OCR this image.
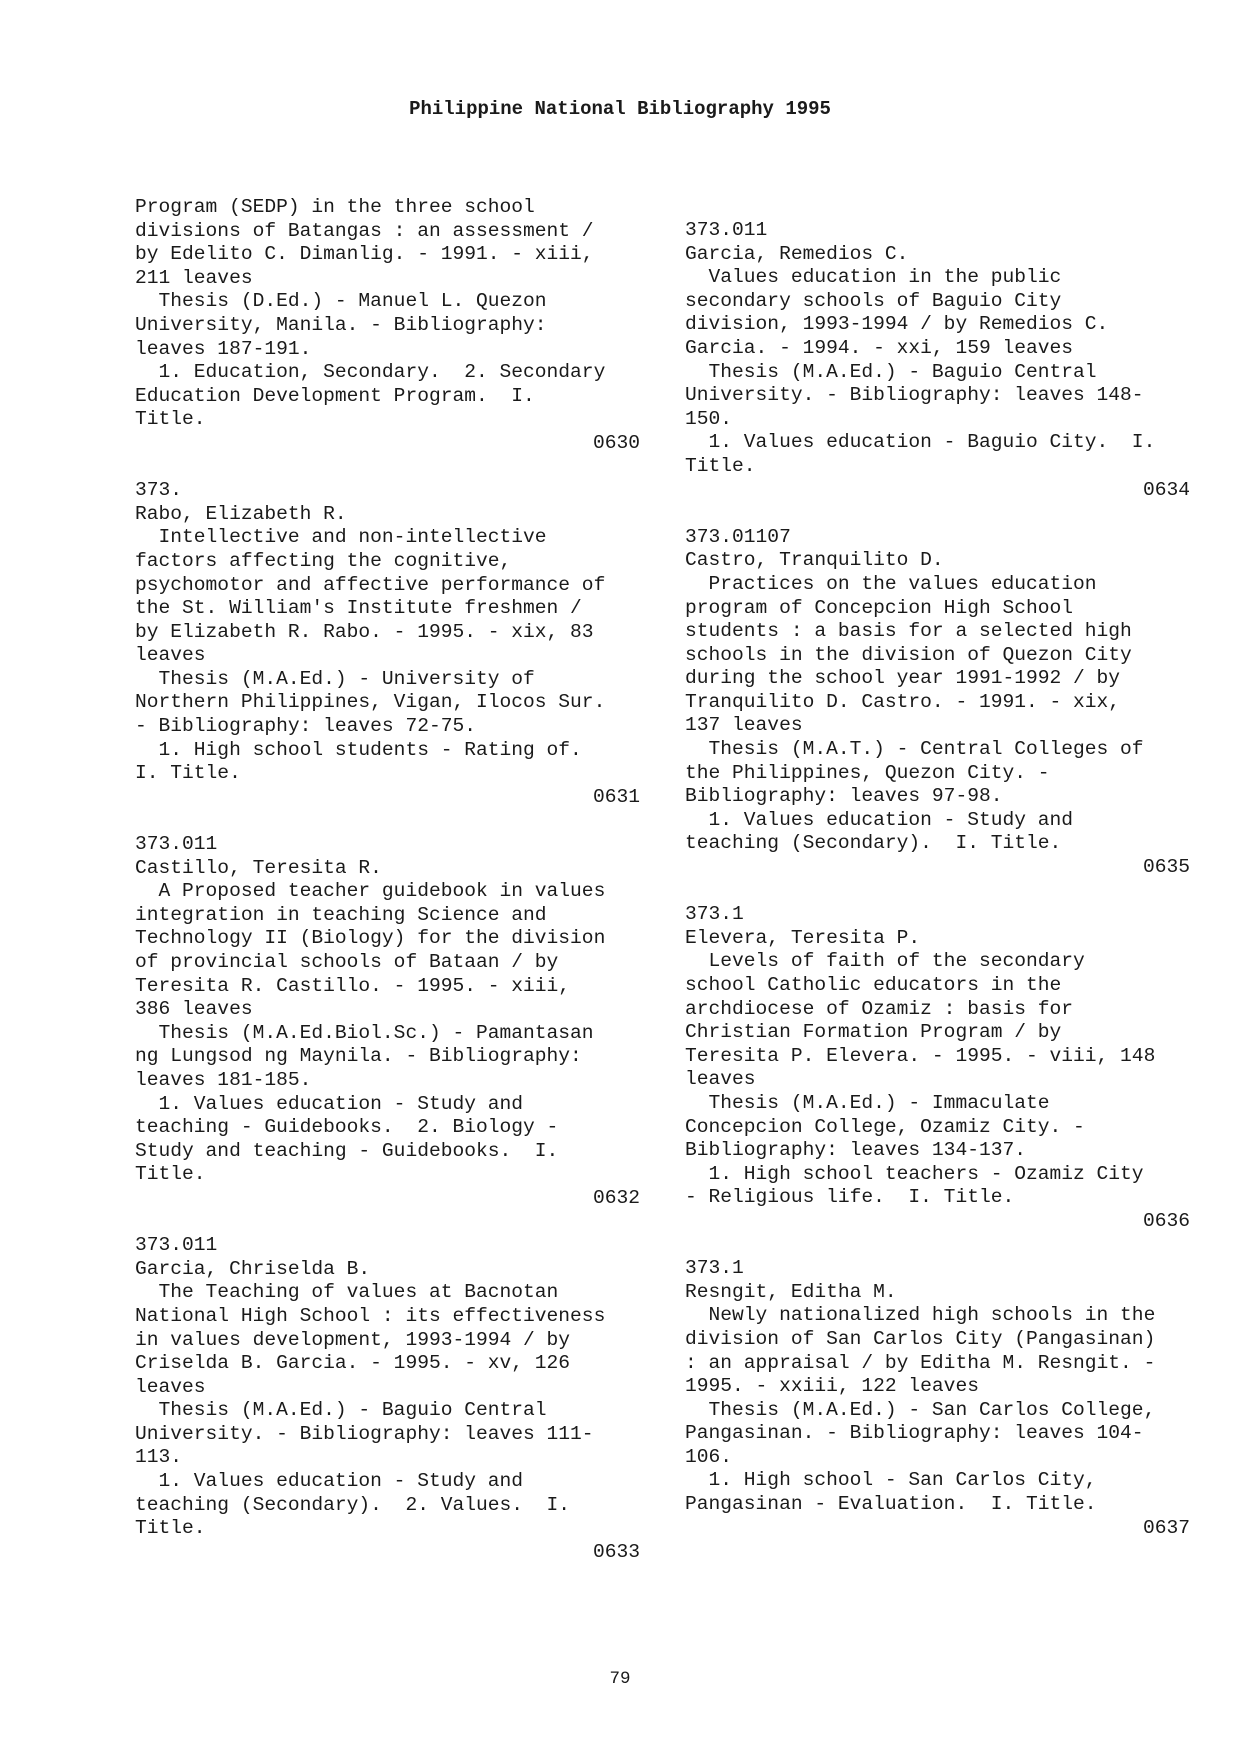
Philippine National Bibliography 1995
Program (SEDP) in the three school
divisions of Batangas : an assessment /
by Edelito C. Dimanlig. - 1991. - xiii,
211 leaves
Thesis (D.Ed.) - Manuel L. Quezon
University, Manila. - Bibliography:
leaves 187-191.
1. Education, Secondary.  2. Secondary
Education Development Program.  I.
Title.
0630
373.
Rabo, Elizabeth R.
Intellective and non-intellective
factors affecting the cognitive,
psychomotor and affective performance of
the St. William's Institute freshmen /
by Elizabeth R. Rabo. - 1995. - xix, 83
leaves
Thesis (M.A.Ed.) - University of
Northern Philippines, Vigan, Ilocos Sur.
- Bibliography: leaves 72-75.
1. High school students - Rating of.
I. Title.
0631
373.011
Castillo, Teresita R.
A Proposed teacher guidebook in values
integration in teaching Science and
Technology II (Biology) for the division
of provincial schools of Bataan / by
Teresita R. Castillo. - 1995. - xiii,
386 leaves
Thesis (M.A.Ed.Biol.Sc.) - Pamantasan
ng Lungsod ng Maynila. - Bibliography:
leaves 181-185.
1. Values education - Study and
teaching - Guidebooks.  2. Biology -
Study and teaching - Guidebooks.  I.
Title.
0632
373.011
Garcia, Chriselda B.
The Teaching of values at Bacnotan
National High School : its effectiveness
in values development, 1993-1994 / by
Criselda B. Garcia. - 1995. - xv, 126
leaves
Thesis (M.A.Ed.) - Baguio Central
University. - Bibliography: leaves 111-
113.
1. Values education - Study and
teaching (Secondary).  2. Values.  I.
Title.
0633
373.011
Garcia, Remedios C.
Values education in the public
secondary schools of Baguio City
division, 1993-1994 / by Remedios C.
Garcia. - 1994. - xxi, 159 leaves
Thesis (M.A.Ed.) - Baguio Central
University. - Bibliography: leaves 148-
150.
1. Values education - Baguio City.  I.
Title.
0634
373.01107
Castro, Tranquilito D.
Practices on the values education
program of Concepcion High School
students : a basis for a selected high
schools in the division of Quezon City
during the school year 1991-1992 / by
Tranquilito D. Castro. - 1991. - xix,
137 leaves
Thesis (M.A.T.) - Central Colleges of
the Philippines, Quezon City. -
Bibliography: leaves 97-98.
1. Values education - Study and
teaching (Secondary).  I. Title.
0635
373.1
Elevera, Teresita P.
Levels of faith of the secondary
school Catholic educators in the
archdiocese of Ozamiz : basis for
Christian Formation Program / by
Teresita P. Elevera. - 1995. - viii, 148
leaves
Thesis (M.A.Ed.) - Immaculate
Concepcion College, Ozamiz City. -
Bibliography: leaves 134-137.
1. High school teachers - Ozamiz City
- Religious life.  I. Title.
0636
373.1
Resngit, Editha M.
Newly nationalized high schools in the
division of San Carlos City (Pangasinan)
: an appraisal / by Editha M. Resngit. -
1995. - xxiii, 122 leaves
Thesis (M.A.Ed.) - San Carlos College,
Pangasinan. - Bibliography: leaves 104-
106.
1. High school - San Carlos City,
Pangasinan - Evaluation.  I. Title.
0637
79
